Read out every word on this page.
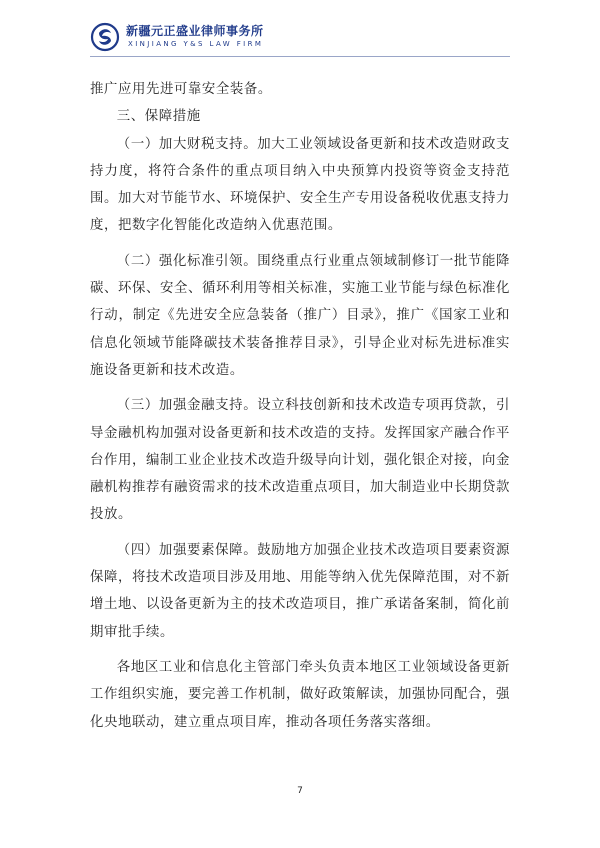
新疆元正盛业律师事务所
XINJIANG Y&S LAW FIRM

推广应用先进可靠安全装备。

三、保障措施

（一）加大财税支持。加大工业领域设备更新和技术改造财政支持力度，将符合条件的重点项目纳入中央预算内投资等资金支持范围。加大对节能节水、环境保护、安全生产专用设备税收优惠支持力度，把数字化智能化改造纳入优惠范围。

（二）强化标准引领。围绕重点行业重点领域制修订一批节能降碳、环保、安全、循环利用等相关标准，实施工业节能与绿色标准化行动，制定《先进安全应急装备（推广）目录》，推广《国家工业和信息化领域节能降碳技术装备推荐目录》，引导企业对标先进标准实施设备更新和技术改造。

（三）加强金融支持。设立科技创新和技术改造专项再贷款，引导金融机构加强对设备更新和技术改造的支持。发挥国家产融合作平台作用，编制工业企业技术改造升级导向计划，强化银企对接，向金融机构推荐有融资需求的技术改造重点项目，加大制造业中长期贷款投放。

（四）加强要素保障。鼓励地方加强企业技术改造项目要素资源保障，将技术改造项目涉及用地、用能等纳入优先保障范围，对不新增土地、以设备更新为主的技术改造项目，推广承诺备案制，简化前期审批手续。

各地区工业和信息化主管部门牵头负责本地区工业领域设备更新工作组织实施，要完善工作机制，做好政策解读，加强协同配合，强化央地联动，建立重点项目库，推动各项任务落实落细。

7
